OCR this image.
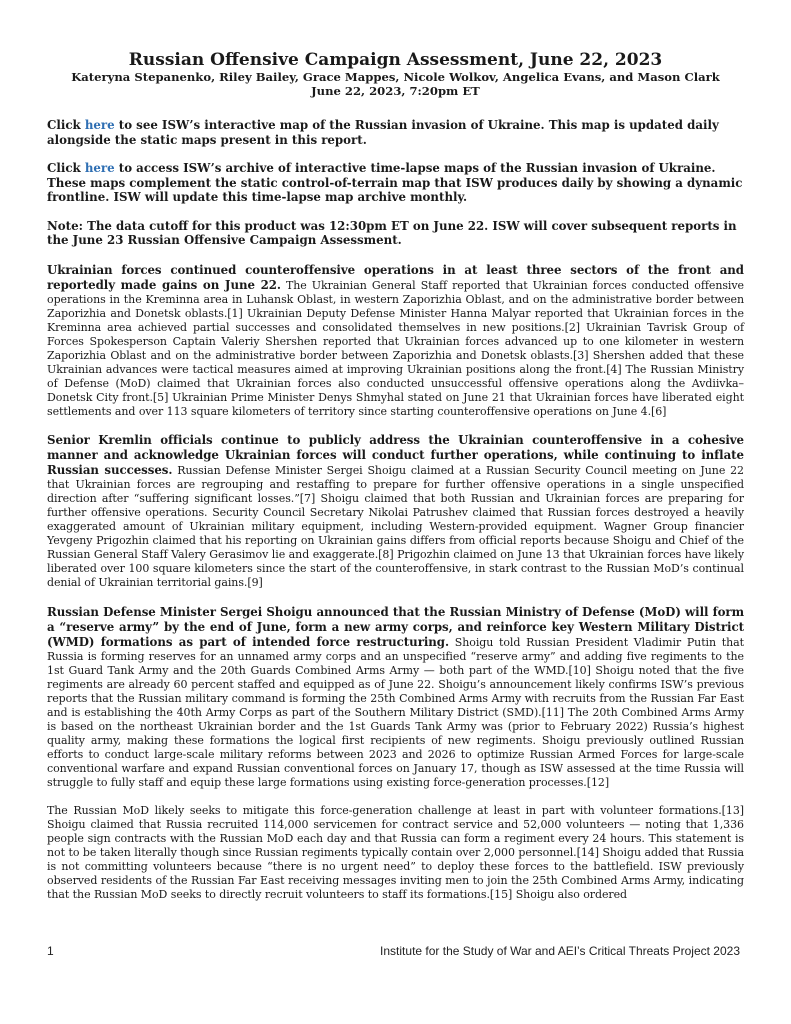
Russian Offensive Campaign Assessment, June 22, 2023

Kateryna Stepanenko, Riley Bailey, Grace Mappes, Nicole Wolkov, Angelica Evans, and Mason Clark

June 22, 2023, 7:20pm ET

Click here to see ISW’s interactive map of the Russian invasion of Ukraine. This map is updated daily alongside the static maps present in this report.

Click here to access ISW’s archive of interactive time-lapse maps of the Russian invasion of Ukraine. These maps complement the static control-of-terrain map that ISW produces daily by showing a dynamic frontline. ISW will update this time-lapse map archive monthly.

Note: The data cutoff for this product was 12:30pm ET on June 22. ISW will cover subsequent reports in the June 23 Russian Offensive Campaign Assessment.

Ukrainian forces continued counteroffensive operations in at least three sectors of the front and reportedly made gains on June 22. The Ukrainian General Staff reported that Ukrainian forces conducted offensive operations in the Kreminna area in Luhansk Oblast, in western Zaporizhia Oblast, and on the administrative border between Zaporizhia and Donetsk oblasts.[1] Ukrainian Deputy Defense Minister Hanna Malyar reported that Ukrainian forces in the Kreminna area achieved partial successes and consolidated themselves in new positions.[2] Ukrainian Tavrisk Group of Forces Spokesperson Captain Valeriy Shershen reported that Ukrainian forces advanced up to one kilometer in western Zaporizhia Oblast and on the administrative border between Zaporizhia and Donetsk oblasts.[3] Shershen added that these Ukrainian advances were tactical measures aimed at improving Ukrainian positions along the front.[4] The Russian Ministry of Defense (MoD) claimed that Ukrainian forces also conducted unsuccessful offensive operations along the Avdiivka–Donetsk City front.[5] Ukrainian Prime Minister Denys Shmyhal stated on June 21 that Ukrainian forces have liberated eight settlements and over 113 square kilometers of territory since starting counteroffensive operations on June 4.[6]

Senior Kremlin officials continue to publicly address the Ukrainian counteroffensive in a cohesive manner and acknowledge Ukrainian forces will conduct further operations, while continuing to inflate Russian successes. Russian Defense Minister Sergei Shoigu claimed at a Russian Security Council meeting on June 22 that Ukrainian forces are regrouping and restaffing to prepare for further offensive operations in a single unspecified direction after “suffering significant losses.”[7] Shoigu claimed that both Russian and Ukrainian forces are preparing for further offensive operations. Security Council Secretary Nikolai Patrushev claimed that Russian forces destroyed a heavily exaggerated amount of Ukrainian military equipment, including Western-provided equipment. Wagner Group financier Yevgeny Prigozhin claimed that his reporting on Ukrainian gains differs from official reports because Shoigu and Chief of the Russian General Staff Valery Gerasimov lie and exaggerate.[8] Prigozhin claimed on June 13 that Ukrainian forces have likely liberated over 100 square kilometers since the start of the counteroffensive, in stark contrast to the Russian MoD’s continual denial of Ukrainian territorial gains.[9]

Russian Defense Minister Sergei Shoigu announced that the Russian Ministry of Defense (MoD) will form a “reserve army” by the end of June, form a new army corps, and reinforce key Western Military District (WMD) formations as part of intended force restructuring. Shoigu told Russian President Vladimir Putin that Russia is forming reserves for an unnamed army corps and an unspecified “reserve army” and adding five regiments to the 1st Guard Tank Army and the 20th Guards Combined Arms Army — both part of the WMD.[10] Shoigu noted that the five regiments are already 60 percent staffed and equipped as of June 22. Shoigu’s announcement likely confirms ISW’s previous reports that the Russian military command is forming the 25th Combined Arms Army with recruits from the Russian Far East and is establishing the 40th Army Corps as part of the Southern Military District (SMD).[11] The 20th Combined Arms Army is based on the northeast Ukrainian border and the 1st Guards Tank Army was (prior to February 2022) Russia’s highest quality army, making these formations the logical first recipients of new regiments. Shoigu previously outlined Russian efforts to conduct large-scale military reforms between 2023 and 2026 to optimize Russian Armed Forces for large-scale conventional warfare and expand Russian conventional forces on January 17, though as ISW assessed at the time Russia will struggle to fully staff and equip these large formations using existing force-generation processes.[12]

The Russian MoD likely seeks to mitigate this force-generation challenge at least in part with volunteer formations.[13] Shoigu claimed that Russia recruited 114,000 servicemen for contract service and 52,000 volunteers — noting that 1,336 people sign contracts with the Russian MoD each day and that Russia can form a regiment every 24 hours. This statement is not to be taken literally though since Russian regiments typically contain over 2,000 personnel.[14] Shoigu added that Russia is not committing volunteers because “there is no urgent need” to deploy these forces to the battlefield. ISW previously observed residents of the Russian Far East receiving messages inviting men to join the 25th Combined Arms Army, indicating that the Russian MoD seeks to directly recruit volunteers to staff its formations.[15] Shoigu also ordered

1	Institute for the Study of War and AEI’s Critical Threats Project 2023
